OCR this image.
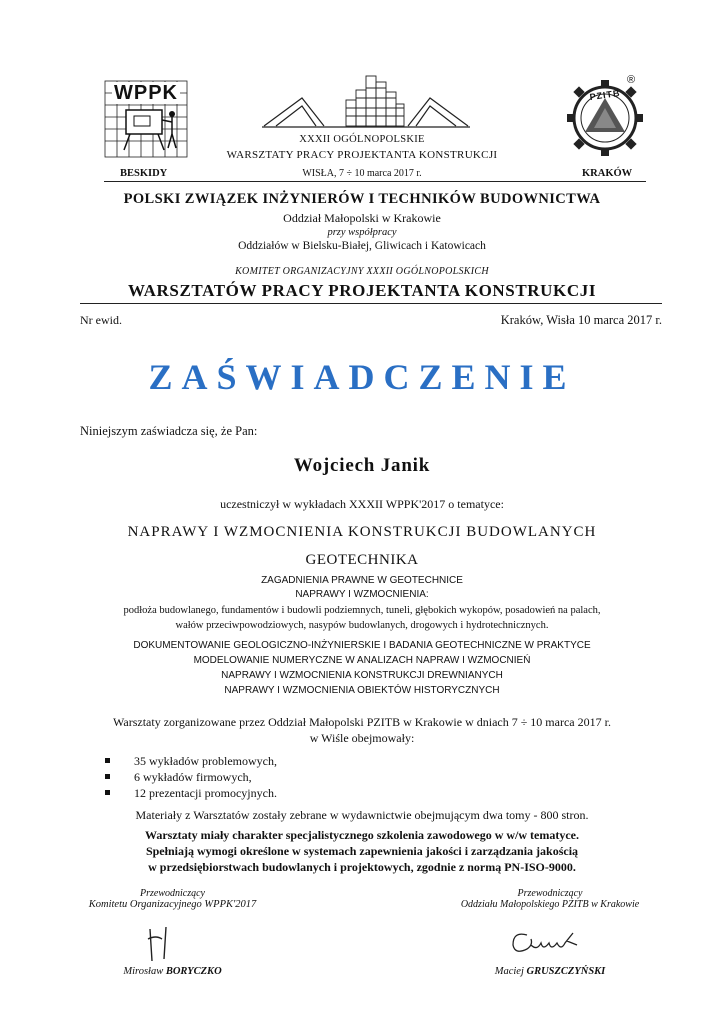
WPPK	PZITB
®
XXXII OGÓLNOPOLSKIE
WARSZTATY PRACY PROJEKTANTA KONSTRUKCJI
BESKIDY	WISŁA, 7 ÷ 10 marca 2017 r.	KRAKÓW
POLSKI ZWIĄZEK INŻYNIERÓW I TECHNIKÓW BUDOWNICTWA
Oddział Małopolski w Krakowie
przy współpracy
Oddziałów w Bielsku-Białej, Gliwicach i Katowicach
KOMITET ORGANIZACYJNY XXXII OGÓLNOPOLSKICH
WARSZTATÓW PRACY PROJEKTANTA KONSTRUKCJI
Nr ewid.	Kraków, Wisła 10 marca 2017 r.
ZAŚWIADCZENIE
Niniejszym zaświadcza się, że Pan:
Wojciech Janik
uczestniczył w wykładach XXXII WPPK'2017 o tematyce:
NAPRAWY I WZMOCNIENIA KONSTRUKCJI BUDOWLANYCH
GEOTECHNIKA
ZAGADNIENIA PRAWNE W GEOTECHNICE
NAPRAWY I WZMOCNIENIA:
podłoża budowlanego, fundamentów i budowli podziemnych, tuneli, głębokich wykopów, posadowień na palach,
wałów przeciwpowodziowych, nasypów budowlanych, drogowych i hydrotechnicznych.
DOKUMENTOWANIE GEOLOGICZNO-INŻYNIERSKIE I BADANIA GEOTECHNICZNE W PRAKTYCE
MODELOWANIE NUMERYCZNE W ANALIZACH NAPRAW I WZMOCNIEŃ
NAPRAWY I WZMOCNIENIA KONSTRUKCJI DREWNIANYCH
NAPRAWY I WZMOCNIENIA OBIEKTÓW HISTORYCZNYCH
Warsztaty zorganizowane przez Oddział Małopolski PZITB w Krakowie w dniach 7 ÷ 10 marca 2017 r.
w Wiśle obejmowały:
35 wykładów problemowych,
6 wykładów firmowych,
12 prezentacji promocyjnych.
Materiały z Warsztatów zostały zebrane w wydawnictwie obejmującym dwa tomy - 800 stron.
Warsztaty miały charakter specjalistycznego szkolenia zawodowego w w/w tematyce.
Spełniają wymogi określone w systemach zapewnienia jakości i zarządzania jakością
w przedsiębiorstwach budowlanych i projektowych, zgodnie z normą PN-ISO-9000.
Przewodniczący
Komitetu Organizacyjnego WPPK'2017
Mirosław BORYCZKO
Przewodniczący
Oddziału Małopolskiego PZITB w Krakowie
Maciej GRUSZCZYŃSKI
